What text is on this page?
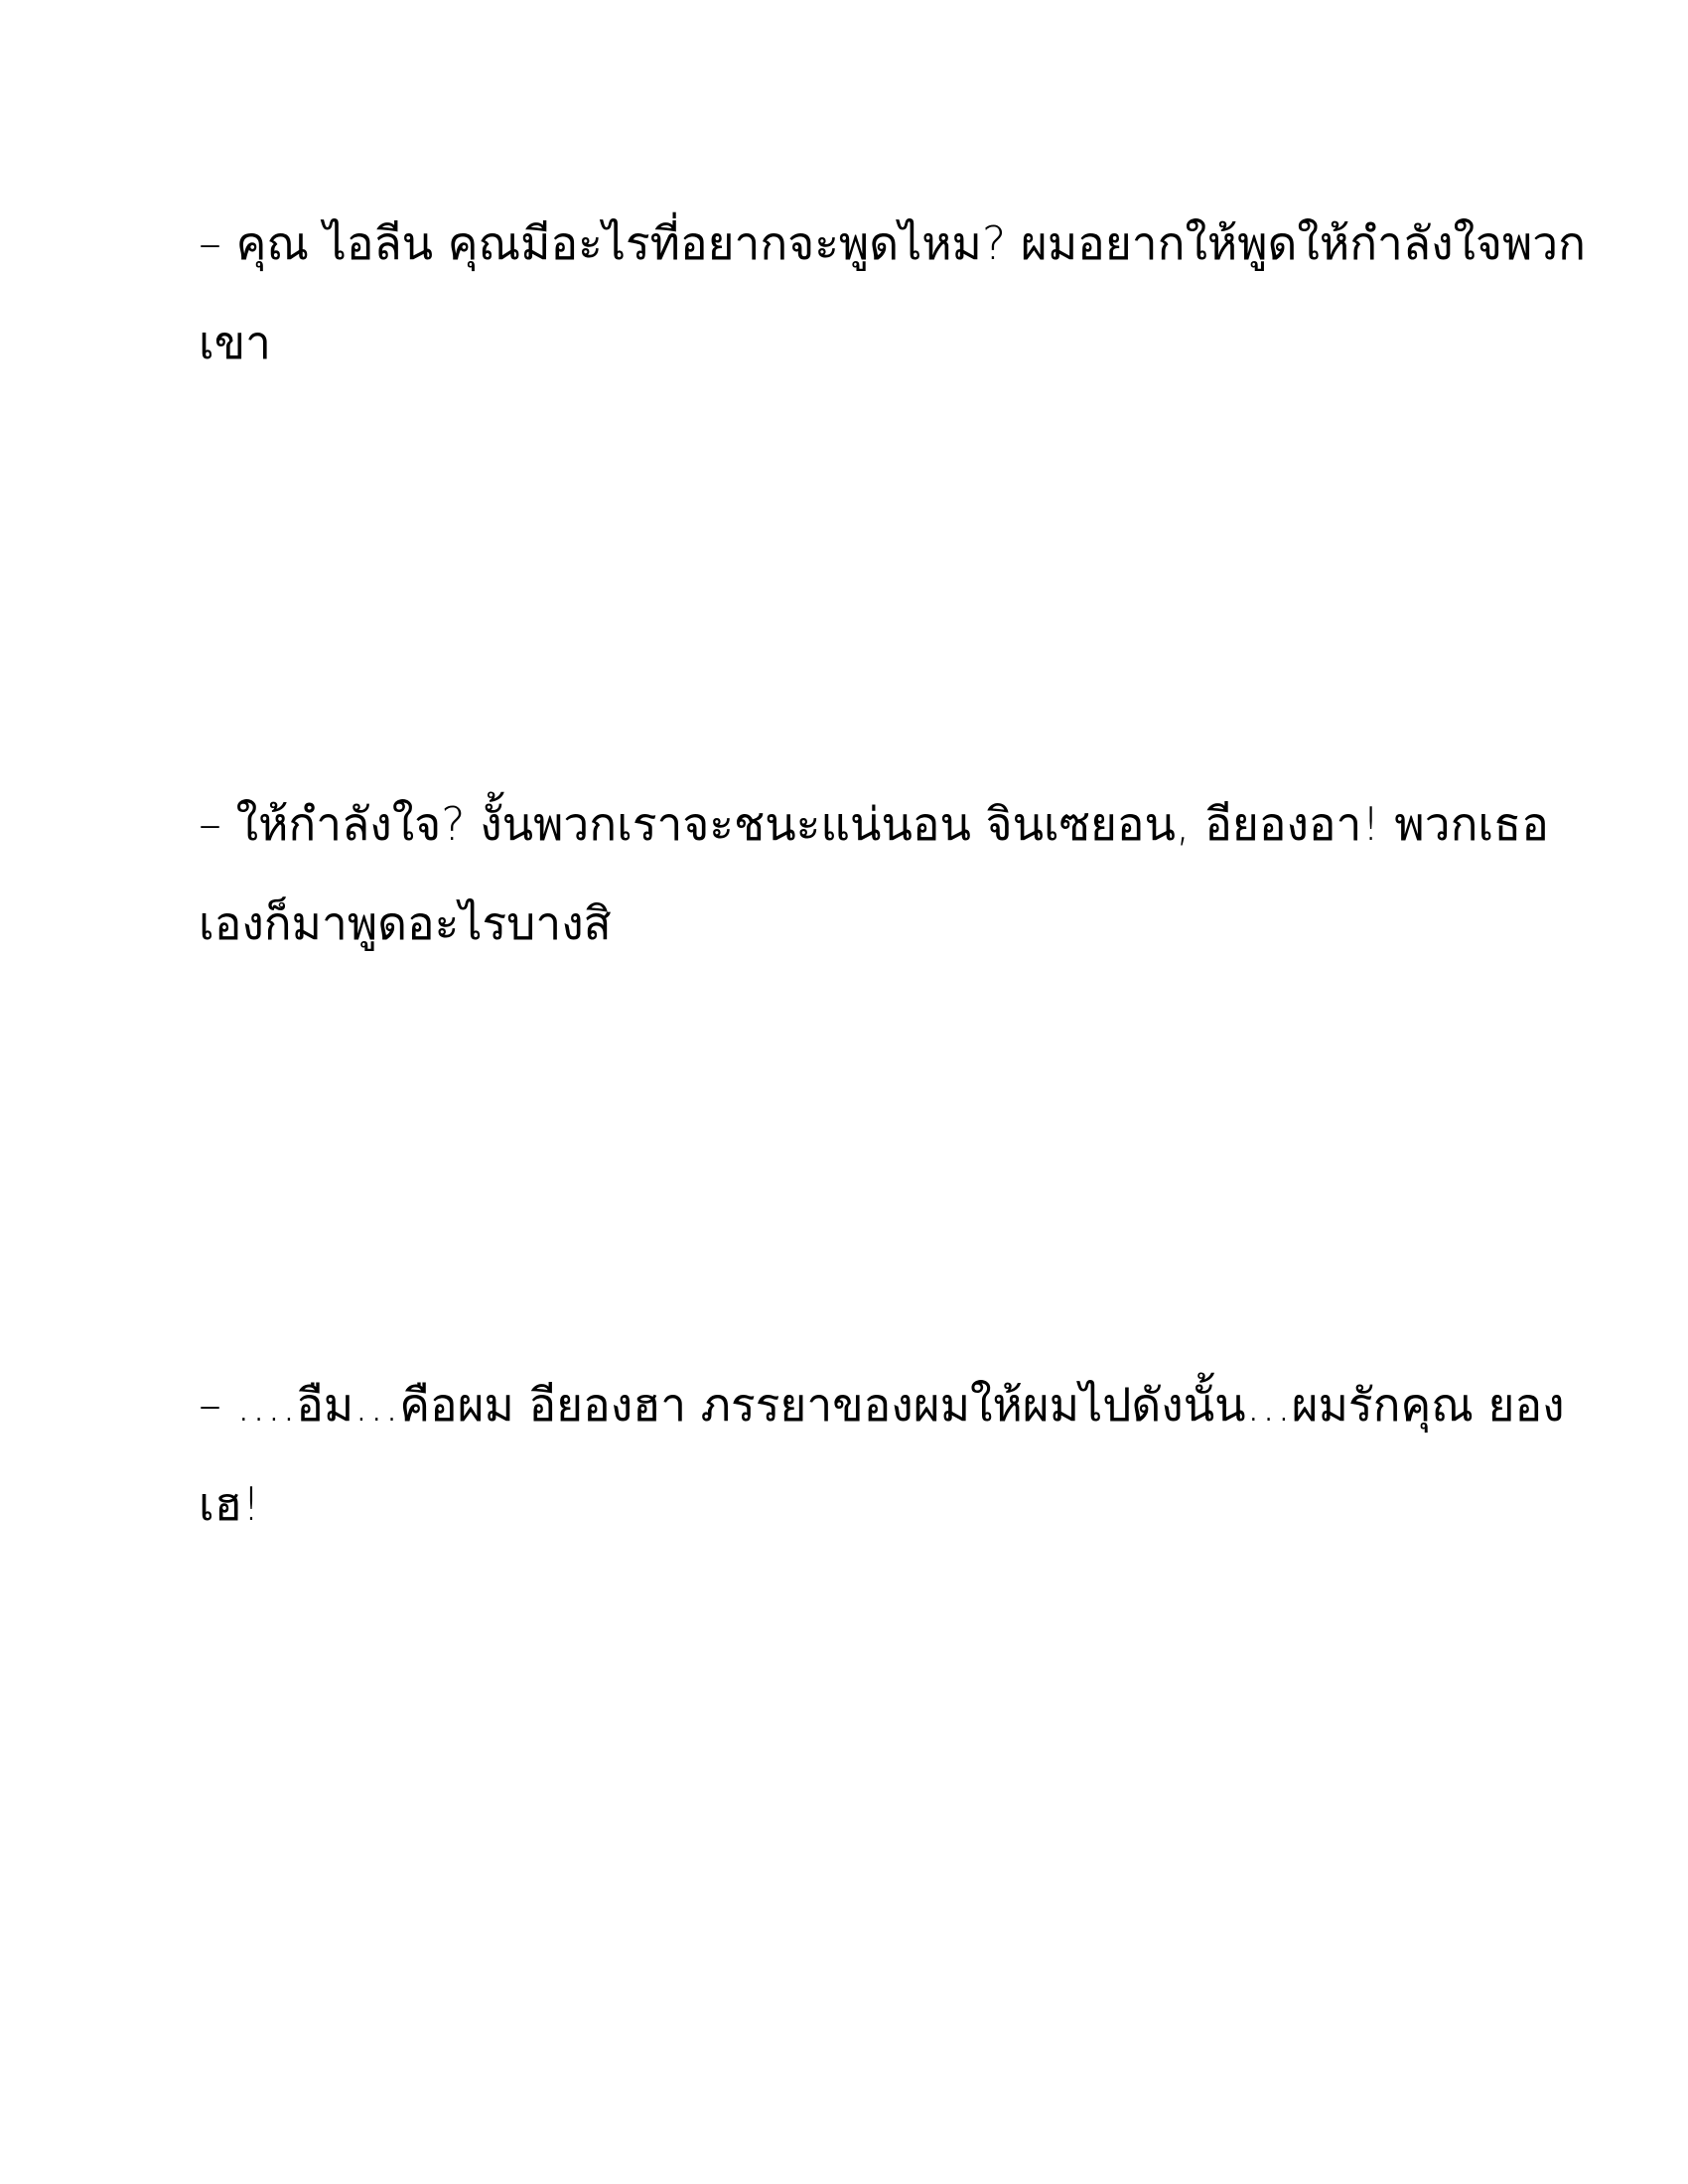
– คุณ ไอลีน คุณมีอะไรที่อยากจะพูดไหม? ผมอยากให้พูดให้กำลังใจพวก
เขา
– ให้กำลังใจ? งั้นพวกเราจะชนะแน่นอน จินเซยอน, อียองอา! พวกเธอ
เองก็มาพูดอะไรบางสิ
– ….อืม…คือผม อียองฮา ภรรยาของผมให้ผมไปดังนั้น…ผมรักคุณ ยอง
เฮ!
